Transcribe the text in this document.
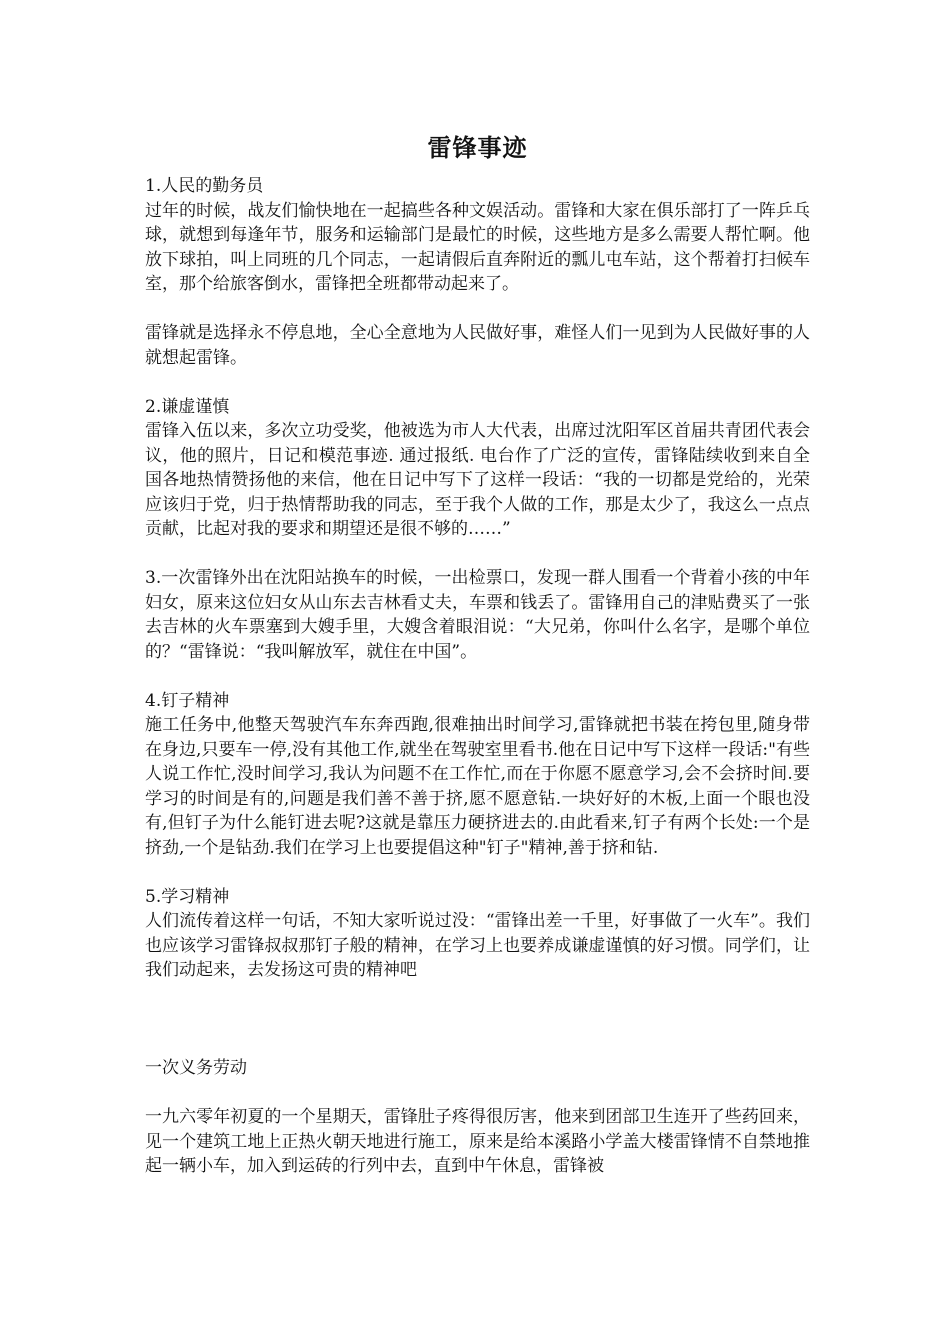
雷锋事迹
1.人民的勤务员

过年的时候，战友们愉快地在一起搞些各种文娱活动。雷锋和大家在俱乐部打了一阵乒乓球，就想到每逢年节，服务和运输部门是最忙的时候，这些地方是多么需要人帮忙啊。他放下球拍，叫上同班的几个同志，一起请假后直奔附近的瓢儿屯车站，这个帮着打扫候车室，那个给旅客倒水，雷锋把全班都带动起来了。

雷锋就是选择永不停息地，全心全意地为人民做好事，难怪人们一见到为人民做好事的人就想起雷锋。

2.谦虚谨慎

雷锋入伍以来，多次立功受奖，他被选为市人大代表，出席过沈阳军区首届共青团代表会议，他的照片，日记和模范事迹. 通过报纸. 电台作了广泛的宣传，雷锋陆续收到来自全国各地热情赞扬他的来信，他在日记中写下了这样一段话：“我的一切都是党给的，光荣应该归于党，归于热情帮助我的同志，至于我个人做的工作，那是太少了，我这么一点点贡献，比起对我的要求和期望还是很不够的……”

3.一次雷锋外出在沈阳站换车的时候，一出检票口，发现一群人围看一个背着小孩的中年妇女，原来这位妇女从山东去吉林看丈夫，车票和钱丢了。雷锋用自己的津贴费买了一张去吉林的火车票塞到大嫂手里，大嫂含着眼泪说：“大兄弟，你叫什么名字，是哪个单位的？“雷锋说：“我叫解放军，就住在中国”。

4.钉子精神

施工任务中,他整天驾驶汽车东奔西跑,很难抽出时间学习,雷锋就把书装在挎包里,随身带在身边,只要车一停,没有其他工作,就坐在驾驶室里看书.他在日记中写下这样一段话:"有些人说工作忙,没时间学习,我认为问题不在工作忙,而在于你愿不愿意学习,会不会挤时间.要学习的时间是有的,问题是我们善不善于挤,愿不愿意钻.一块好好的木板,上面一个眼也没有,但钉子为什么能钉进去呢?这就是靠压力硬挤进去的.由此看来,钉子有两个长处:一个是挤劲,一个是钻劲.我们在学习上也要提倡这种"钉子"精神,善于挤和钻.

5.学习精神

人们流传着这样一句话，不知大家听说过没：“雷锋出差一千里，好事做了一火车”。我们也应该学习雷锋叔叔那钉子般的精神，在学习上也要养成谦虚谨慎的好习惯。同学们，让我们动起来，去发扬这可贵的精神吧

一次义务劳动

一九六零年初夏的一个星期天，雷锋肚子疼得很厉害，他来到团部卫生连开了些药回来，见一个建筑工地上正热火朝天地进行施工，原来是给本溪路小学盖大楼雷锋情不自禁地推起一辆小车，加入到运砖的行列中去，直到中午休息，雷锋被
